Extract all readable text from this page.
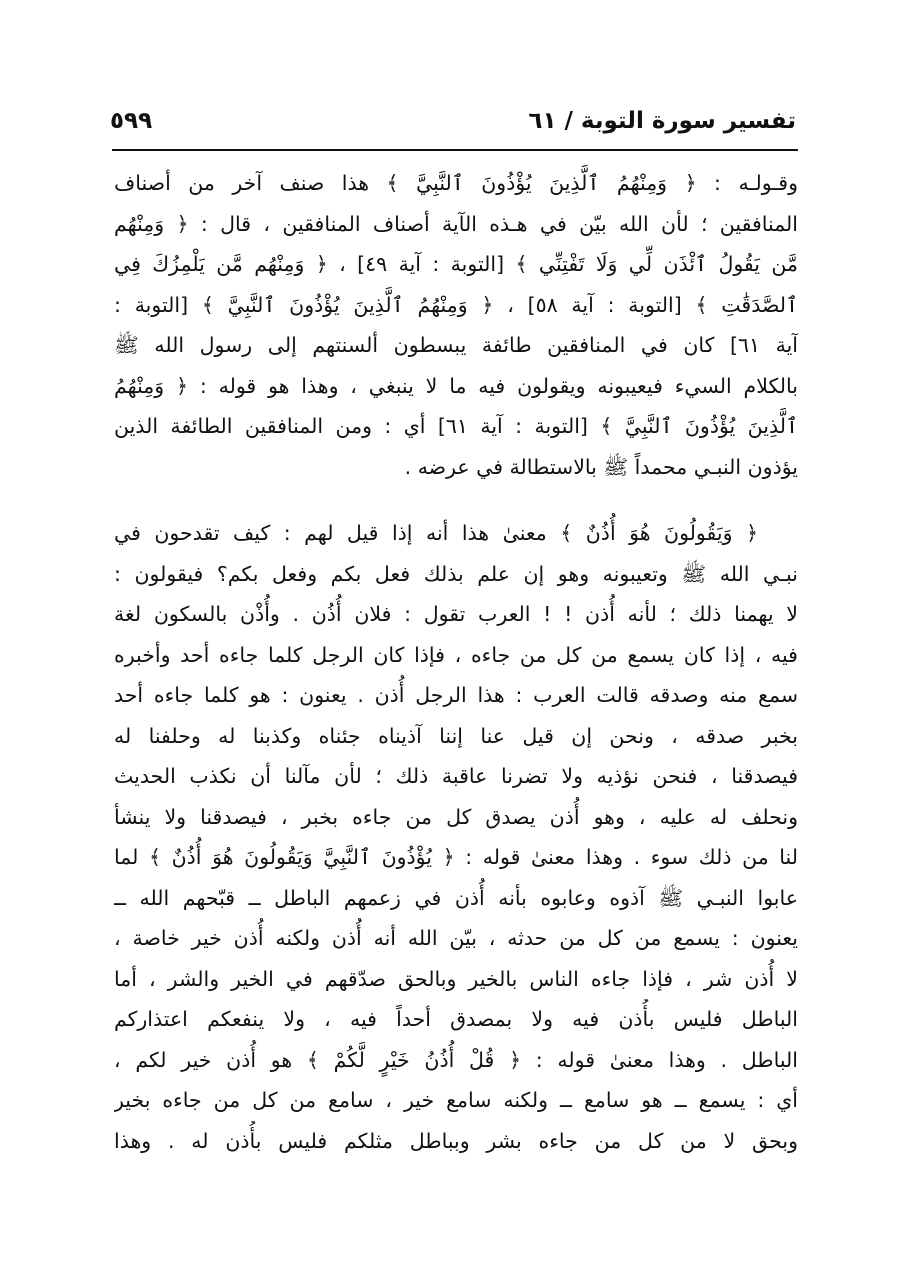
تفسير سورة التوبة / ٦١
٥٩٩
وقـولـه : ﴿ وَمِنْهُمُ ٱلَّذِينَ يُؤْذُونَ ٱلنَّبِيَّ ﴾ هذا صنف آخر من أصناف
المنافقين ؛ لأن الله بيّن في هـذه الآية أصناف المنافقين ، قال : ﴿ وَمِنْهُم
مَّن يَقُولُ ٱئْذَن لِّي وَلَا تَفْتِنِّي ﴾ [التوبة : آية ٤٩] ، ﴿ وَمِنْهُم مَّن يَلْمِزُكَ فِي
ٱلصَّدَقَٰتِ ﴾ [التوبة : آية ٥٨] ، ﴿ وَمِنْهُمُ ٱلَّذِينَ يُؤْذُونَ ٱلنَّبِيَّ ﴾ [التوبة :
آية ٦١] كان في المنافقين طائفة يبسطون ألسنتهم إلى رسول الله ﷺ
بالكلام السيء فيعيبونه ويقولون فيه ما لا ينبغي ، وهذا هو قوله : ﴿ وَمِنْهُمُ
ٱلَّذِينَ يُؤْذُونَ ٱلنَّبِيَّ ﴾ [التوبة : آية ٦١] أي : ومن المنافقين الطائفة الذين
يؤذون النبـي محمداً ﷺ بالاستطالة في عرضه .
﴿ وَيَقُولُونَ هُوَ أُذُنٌ ﴾ معنىٰ هذا أنه إذا قيل لهم : كيف تقدحون في
نبـي الله ﷺ وتعيبونه وهو إن علم بذلك فعل بكم وفعل بكم؟ فيقولون :
لا يهمنا ذلك ؛ لأنه أُذن ! ! العرب تقول : فلان أُذُن . وأُذْن بالسكون لغة
فيه ، إذا كان يسمع من كل من جاءه ، فإذا كان الرجل كلما جاءه أحد وأخبره
سمع منه وصدقه قالت العرب : هذا الرجل أُذن . يعنون : هو كلما جاءه أحد
بخبر صدقه ، ونحن إن قيل عنا إننا آذيناه جئناه وكذبنا له وحلفنا له
فيصدقنا ، فنحن نؤذيه ولا تضرنا عاقبة ذلك ؛ لأن مآلنا أن نكذب الحديث
ونحلف له عليه ، وهو أُذن يصدق كل من جاءه بخبر ، فيصدقنا ولا ينشأ
لنا من ذلك سوء . وهذا معنىٰ قوله : ﴿ يُؤْذُونَ ٱلنَّبِيَّ وَيَقُولُونَ هُوَ أُذُنٌ ﴾ لما
عابوا النبـي ﷺ آذوه وعابوه بأنه أُذن في زعمهم الباطل ــ قبّحهم الله ــ
يعنون : يسمع من كل من حدثه ، بيّن الله أنه أُذن ولكنه أُذن خير خاصة ،
لا أُذن شر ، فإذا جاءه الناس بالخير وبالحق صدّقهم في الخير والشر ، أما
الباطل فليس بأُذن فيه ولا بمصدق أحداً فيه ، ولا ينفعكم اعتذاركم
الباطل . وهذا معنىٰ قوله : ﴿ قُلْ أُذُنُ خَيْرٍ لَّكُمْ ﴾ هو أُذن خير لكم ،
أي : يسمع ــ هو سامع ــ ولكنه سامع خير ، سامع من كل من جاءه بخير
وبحق لا من كل من جاءه بشر وبباطل مثلكم فليس بأُذن له . وهذا
